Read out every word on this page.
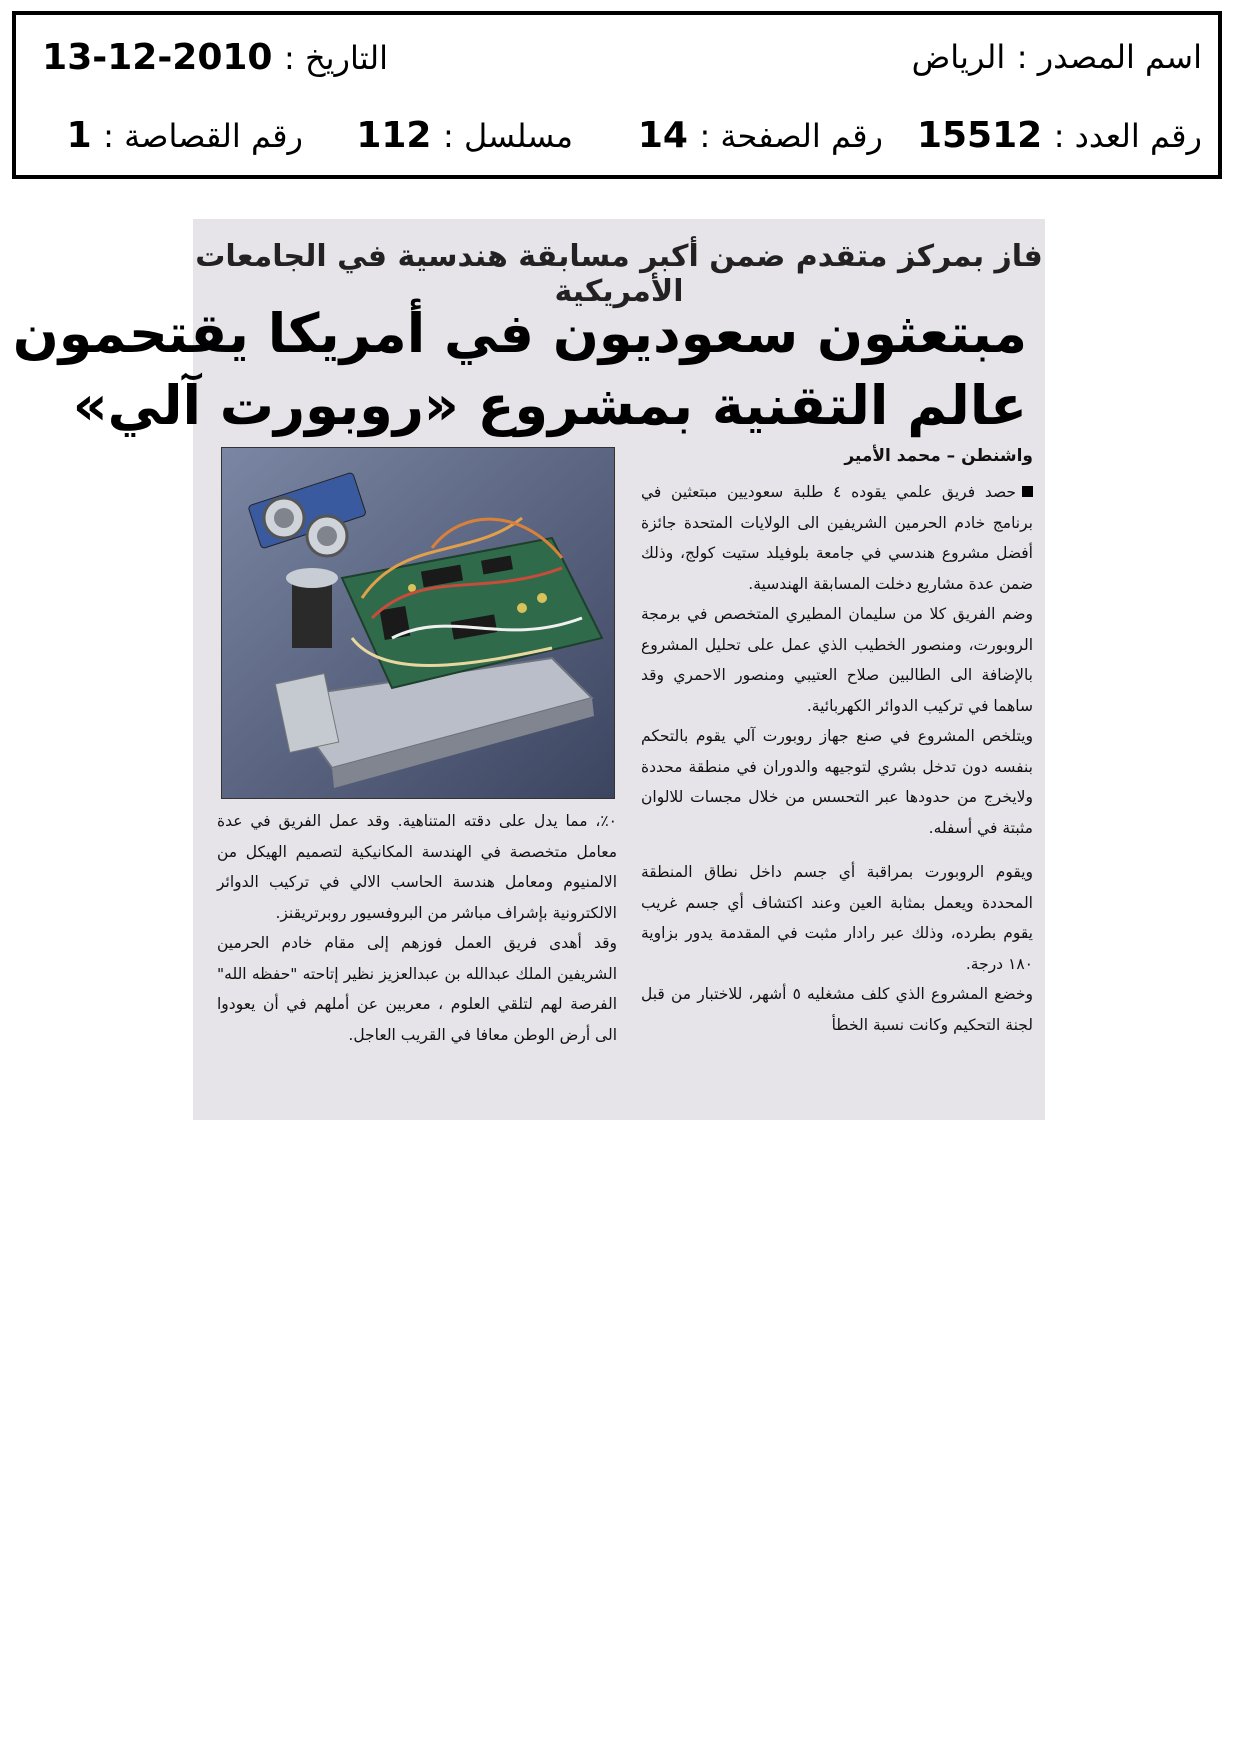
اسم المصدر : الرياض
التاريخ : 2010-12-13
رقم العدد : 15512
رقم الصفحة : 14
مسلسل : 112
رقم القصاصة : 1
فاز بمركز متقدم ضمن أكبر مسابقة هندسية في الجامعات الأمريكية
مبتعثون سعوديون في أمريكا يقتحمون
عالم التقنية بمشروع «روبورت آلي»
واشنطن – محمد الأمير

حصد فريق علمي يقوده ٤ طلبة سعوديين مبتعثين في برنامج خادم الحرمين الشريفين الى الولايات المتحدة جائزة أفضل مشروع هندسي في جامعة بلوفيلد ستيت كولج، وذلك ضمن عدة مشاريع دخلت المسابقة الهندسية.

وضم الفريق كلا من سليمان المطيري المتخصص في برمجة الروبورت، ومنصور الخطيب الذي عمل على تحليل المشروع بالإضافة الى الطالبين صلاح العتيبي ومنصور الاحمري وقد ساهما في تركيب الدوائر الكهربائية.

ويتلخص المشروع في صنع جهاز روبورت آلي يقوم بالتحكم بنفسه دون تدخل بشري لتوجيهه والدوران في منطقة محددة ولايخرج من حدودها عبر التحسس من خلال مجسات للالوان مثبتة في أسفله.

ويقوم الروبورت بمراقبة أي جسم داخل نطاق المنطقة المحددة ويعمل بمثابة العين وعند اكتشاف أي جسم غريب يقوم بطرده، وذلك عبر رادار مثبت في المقدمة يدور بزاوية ١٨٠ درجة.

وخضع المشروع الذي كلف مشغليه ٥ أشهر، للاختبار من قبل لجنة التحكيم وكانت نسبة الخطأ

٠٪، مما يدل على دقته المتناهية. وقد عمل الفريق في عدة معامل متخصصة في الهندسة المكانيكية لتصميم الهيكل من الالمنيوم ومعامل هندسة الحاسب الالي في تركيب الدوائر الالكترونية بإشراف مباشر من البروفسيور روبرتريقنز.

وقد أهدى فريق العمل فوزهم إلى مقام خادم الحرمين الشريفين الملك عبدالله بن عبدالعزيز نظير إتاحته "حفظه الله" الفرصة لهم لتلقي العلوم ، معربين عن أملهم في أن يعودوا الى أرض الوطن معافا في القريب العاجل.
